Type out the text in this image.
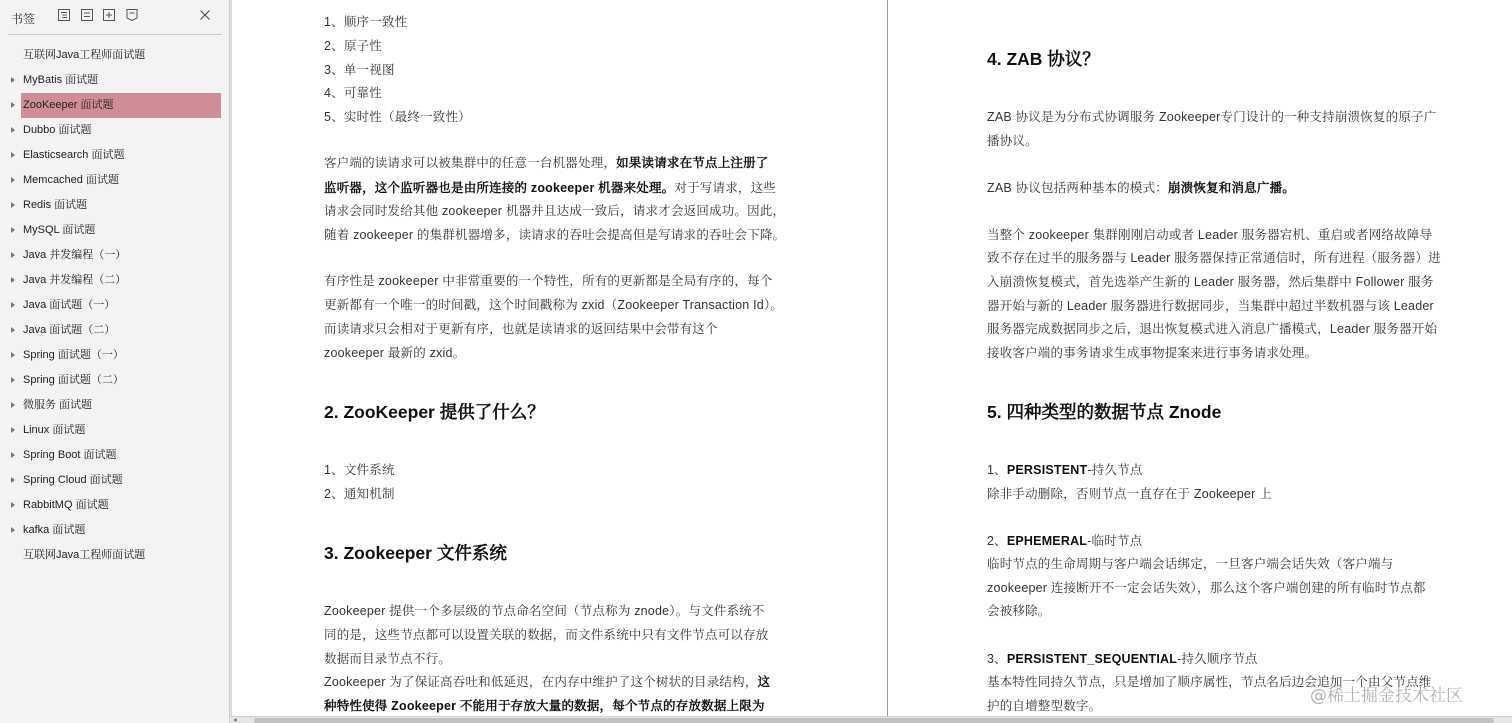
书签
互联网Java工程师面试题
MyBatis 面试题
ZooKeeper 面试题
Dubbo 面试题
Elasticsearch 面试题
Memcached 面试题
Redis 面试题
MySQL 面试题
Java 并发编程（一）
Java 并发编程（二）
Java 面试题（一）
Java 面试题（二）
Spring 面试题（一）
Spring 面试题（二）
微服务 面试题
Linux 面试题
Spring Boot 面试题
Spring Cloud 面试题
RabbitMQ 面试题
kafka 面试题
互联网Java工程师面试题
1、顺序一致性
2、原子性
3、单一视图
4、可靠性
5、实时性（最终一致性）
客户端的读请求可以被集群中的任意一台机器处理，如果读请求在节点上注册了
监听器，这个监听器也是由所连接的 zookeeper 机器来处理。对于写请求，这些
请求会同时发给其他 zookeeper 机器并且达成一致后，请求才会返回成功。因此，
随着 zookeeper 的集群机器增多，读请求的吞吐会提高但是写请求的吞吐会下降。
有序性是 zookeeper 中非常重要的一个特性，所有的更新都是全局有序的，每个
更新都有一个唯一的时间戳，这个时间戳称为 zxid（Zookeeper Transaction Id）。
而读请求只会相对于更新有序，也就是读请求的返回结果中会带有这个
zookeeper 最新的 zxid。
2. ZooKeeper 提供了什么？
1、文件系统
2、通知机制
3. Zookeeper 文件系统
Zookeeper 提供一个多层级的节点命名空间（节点称为 znode）。与文件系统不
同的是，这些节点都可以设置关联的数据，而文件系统中只有文件节点可以存放
数据而目录节点不行。
Zookeeper 为了保证高吞吐和低延迟，在内存中维护了这个树状的目录结构，这
种特性使得 Zookeeper 不能用于存放大量的数据，每个节点的存放数据上限为
4. ZAB 协议？
ZAB 协议是为分布式协调服务 Zookeeper专门设计的一种支持崩溃恢复的原子广
播协议。
ZAB 协议包括两种基本的模式：崩溃恢复和消息广播。
当整个 zookeeper 集群刚刚启动或者 Leader 服务器宕机、重启或者网络故障导
致不存在过半的服务器与 Leader 服务器保持正常通信时，所有进程（服务器）进
入崩溃恢复模式，首先选举产生新的 Leader 服务器，然后集群中 Follower 服务
器开始与新的 Leader 服务器进行数据同步，当集群中超过半数机器与该 Leader
服务器完成数据同步之后，退出恢复模式进入消息广播模式，Leader 服务器开始
接收客户端的事务请求生成事物提案来进行事务请求处理。
5. 四种类型的数据节点 Znode
1、PERSISTENT-持久节点
除非手动删除，否则节点一直存在于 Zookeeper 上
2、EPHEMERAL-临时节点
临时节点的生命周期与客户端会话绑定，一旦客户端会话失效（客户端与
zookeeper 连接断开不一定会话失效），那么这个客户端创建的所有临时节点都
会被移除。
3、PERSISTENT_SEQUENTIAL-持久顺序节点
基本特性同持久节点，只是增加了顺序属性，节点名后边会追加一个由父节点维
护的自增整型数字。	@稀土掘金技术社区
